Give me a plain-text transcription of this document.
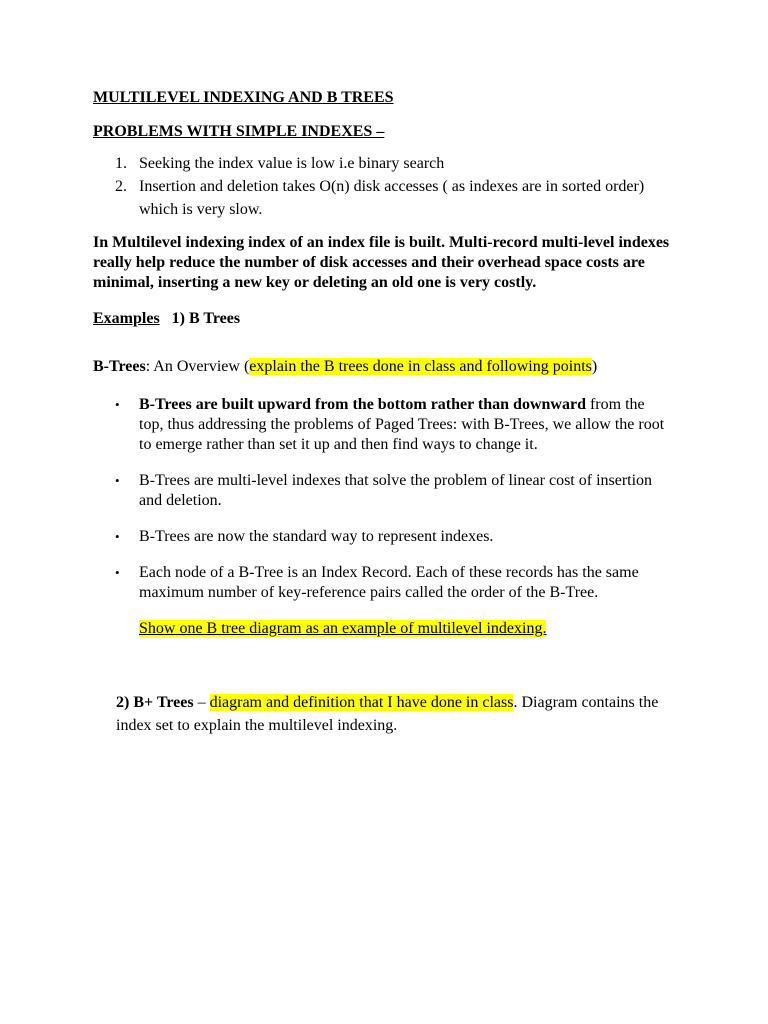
MULTILEVEL INDEXING AND B TREES

PROBLEMS WITH SIMPLE INDEXES –

1. Seeking the index value is low i.e binary search
2. Insertion and deletion takes O(n) disk accesses ( as indexes are in sorted order) which is very slow.

In Multilevel indexing index of an index file is built. Multi-record multi-level indexes really help reduce the number of disk accesses and their overhead space costs are minimal, inserting a new key or deleting an old one is very costly.

Examples 1) B Trees

B-Trees: An Overview (explain the B trees done in class and following points)

• B-Trees are built upward from the bottom rather than downward from the top, thus addressing the problems of Paged Trees: with B-Trees, we allow the root to emerge rather than set it up and then find ways to change it.
• B-Trees are multi-level indexes that solve the problem of linear cost of insertion and deletion.
• B-Trees are now the standard way to represent indexes.
• Each node of a B-Tree is an Index Record. Each of these records has the same maximum number of key-reference pairs called the order of the B-Tree.

Show one B tree diagram as an example of multilevel indexing.

2) B+ Trees – diagram and definition that I have done in class. Diagram contains the index set to explain the multilevel indexing.
